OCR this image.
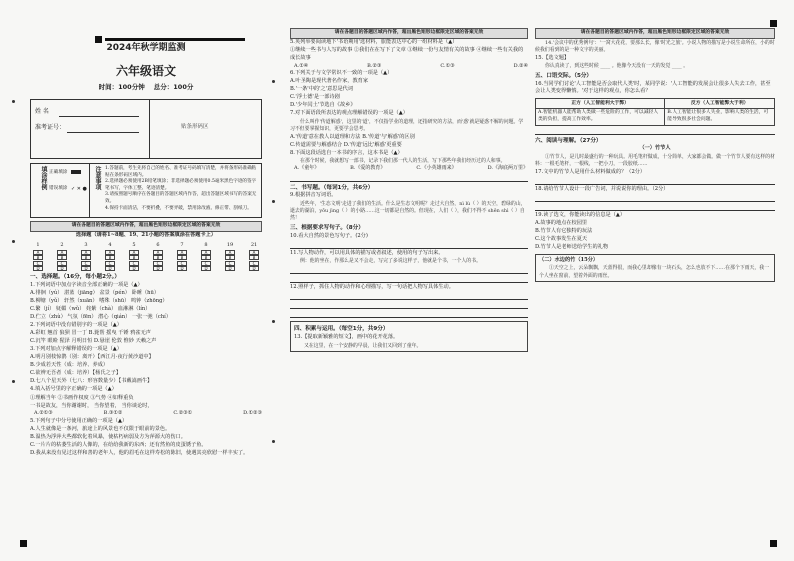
2024年秋学期监测
六年级语文
时间：100分钟 总分：100分
姓 名
准考证号：	贴条形码区
填涂样例 正确填涂
错误填涂 ✓ ✕ ●	注意事项 1.答题前，考生先将自己的姓名、准考证号码填写清楚，并将条形码准确粘贴在条形码区域内。
2.选择题必须使用2B铅笔填涂；非选择题必须使用0.5毫米黑色字迹的签字笔书写，字体工整、笔迹清楚。
3.请按照题号顺序在各题目的答题区域内作答，超出答题区域书写的答案无效。
4.保持卡面清洁，不要折叠，不要弄破，禁用涂改液、修正带、刮纸刀。
请在各题目的答题区域内作答，超出黑色矩形边框限定区域的答案无效
选择题（请将1~8题、19、21小题的答案填涂在答题卡上）
1
A
B
C
D
2
A
B
C
D
3
A
B
C
D
4
A
B
C
D
5
A
B
C
D
6
A
B
C
D
7
A
B
C
D
8
A
B
C
D
19
A
B
C
D
21
A
B
C
D
一、选择题。（16分，每小题2分。）
1.下列词语中加点字读音全部正确的一项是（▲）
A.徘徊（yú） 湛蓝（jiāng） 盆景（pén） 卧睡（hū）
B.柳塘（yǔ） 轩然（xuān） 嗜殊（shū） 鸣钟（zhōng）
C.繁（jí） 妩媚（wǔ） 姹紫（chà） 血淋淋（lín）
D.伫立（zhù） 气氛（fēn） 潜心（qián） 一张一弛（chí）
2.下列词语中没有错别字的一项是（▲）
A.彩虹 翘首 狼狈 冒一丁 B.毙帮 摇曳 千锤 鸦雀无声
C.沉竿 眼睑 猩泽 月明日恒 D.悬崖 伦敦 惟妙 天赖之声
3.下列对加点字解释错误的一项是（▲）
A.明月别枝惊鹊（别：离开）【西江月·夜行黄沙道中】
B.少成若天性（成：培养、养成）
C.欲辨无吾者（成：培养）【杨氏之子】
D.七八个星天外（七八：形容数量少）【书戴嵩画牛】
4.填入括号里的字正确的一项是（▲）
①理解当年 ②书画作权度 ③气势 ④如释重负
一书是故友，当你谢谢时， 当你望着， 当你谈论时，
A.②①③	B.③①②	C.②③①	D.①②③
5.下列句子中分号使用正确的一项是（▲）
A.人生就像是一条河，旅途上的风景也不仅限于眼前的景色。
B.温热为浮萍大些都软化着风暴，使枯朽病弱及方为萍源大的伤口。
C.一片片的枯萎生活的人像的，在给给我新的东西；还有然鱼的皮蛋锈子鱼。
D.我从来没有见过这样和善的老年人，他的眉毛在这样寿松的陈旧，使遇其亮欣慰一样丰实了。
请在各题目的答题区域内作答，超出黑色矩形边框限定区域的答案无效
5.英列举要阅读地下'书语期用'选材料，旅能表达中心的一组材料是（▲）
①继续一些书与人写的故事 ②我们在在写下了文章 ③继续一份与友情有关的故事 ④继续一些有关我的成长故事
A.①④	B.②③	C.①③	D.②④
6.下列关于与文学常识不一致的一项是（▲）
A.叶圣陶是现代著名作家，教育家
B.'一条'中的'之'意思是代词
C.'浮士德'是一部诗剧
D.'少年闰土'节选自《故乡》
7.对下面语段所表达的观点理解错误的一项是（▲）
什么叫作'传道解惑'，这里的'道'，不仅指学业的道理，还指研究的方法，而'惑'就是疑惑不解的问题。学习不但要掌握知识，更要学会思考。
A.'传道'意在教人以道理和方法 B.'传道'与'解惑'的区别
C.传道需要与解惑结合 D.'传道'远比'解惑'更重要
8.下面这段话选自一本书的序言，这本书是（▲）
在那个时候，我就想写一部书，记录下我们那一代人的生活，写下那些年我们经历过的人和事。
A.《童年》	B.《爱的教育》	C.《小英雄雨来》	D.《海底两万里》
二、书写题。（每词1分，共6分）
9.根据拼音写词语。
近些年，'生态文明'走进了我们的生活。什么是生态文明呢？走过大自然，nì lù（ ）的天空，碧绿的山，逝去的湖泊，yōu jìng（ ）的小路……这一切都是自然的。但现在，人们（ ），我们不得不 shěn shì（ ）自然！
三、根据要求写句子。（8分）
10.看大自然的景色写句子。(2分)
11.写人物动作，可以用具体的描写或者叙述，使用的句子写出来。
例：他的坐在，作那么是又不会走，写完了多说这样子，他就是个书，一个人的书。
12.照样子，抓住人物的动作和心理描写，写一句话把人物写具体生动。
四、积累与运用。（每空1分，共9分）
13.【提取新颖雅的短文】，画中的花开花落。
又在这里，在一个安静的早晨，让我们又回到了童年。
请在各题目的答题区域内作答，超出黑色矩形边框限定区域的答案无效
14.'会议中的优秀例句'：'一窝大花花，要那么长，像'时光之旅'。小说人物的描写是小说生命所在，小的时候我们看到的是一种文字的美丽。
15.【选文题】
你认真读了，到这些时候 ____ 。他像今天没有一天的发觉 ____ 。
五、口语交际。（5分）
16.当同学们讨论'人工智能是否会取代人类'时，某同学说：'人工智能的发展会让很多人失去工作，甚至会让人类变得懒惰。'对于这样的观点，你怎么看？
正方（人工智能利大于弊）	反方（人工智能弊大于利）
A.智能机器人能帮助人类做一些危险的工作，可以减轻人类的负担，提高工作效率。	B.人工智能让很多人失业，影响人类的生活，可能导致很多社会问题。
六、阅读与理解。（27分）
（一）竹节人
①竹节人，是儿时最盛行的一种玩具。用毛笔杆做成，十分简单，大家都会做。做一个竹节人要有这样的材料：一根毛笔杆，一根线，一把小刀，一段胶纸……
17.文中的竹节人是用什么材料做成的？（2分）
18.请给竹节人设计一段广告词，并说说你的理由。（2分）
19.读了选文，你能读出的信息是（▲）
A.故事的地点在校园里
B.竹节人有它独特的玩法
C.这个故事发生在夏天
D.竹节人是老师送给学生的礼物
（二）水边的竹（15分）
①天空之上，云朵飘飘，天蓝得很，而我心里却像有一块石头，怎么也放不下……在那个下雨天，我一个人坐在窗前，望着外面的雨丝。
